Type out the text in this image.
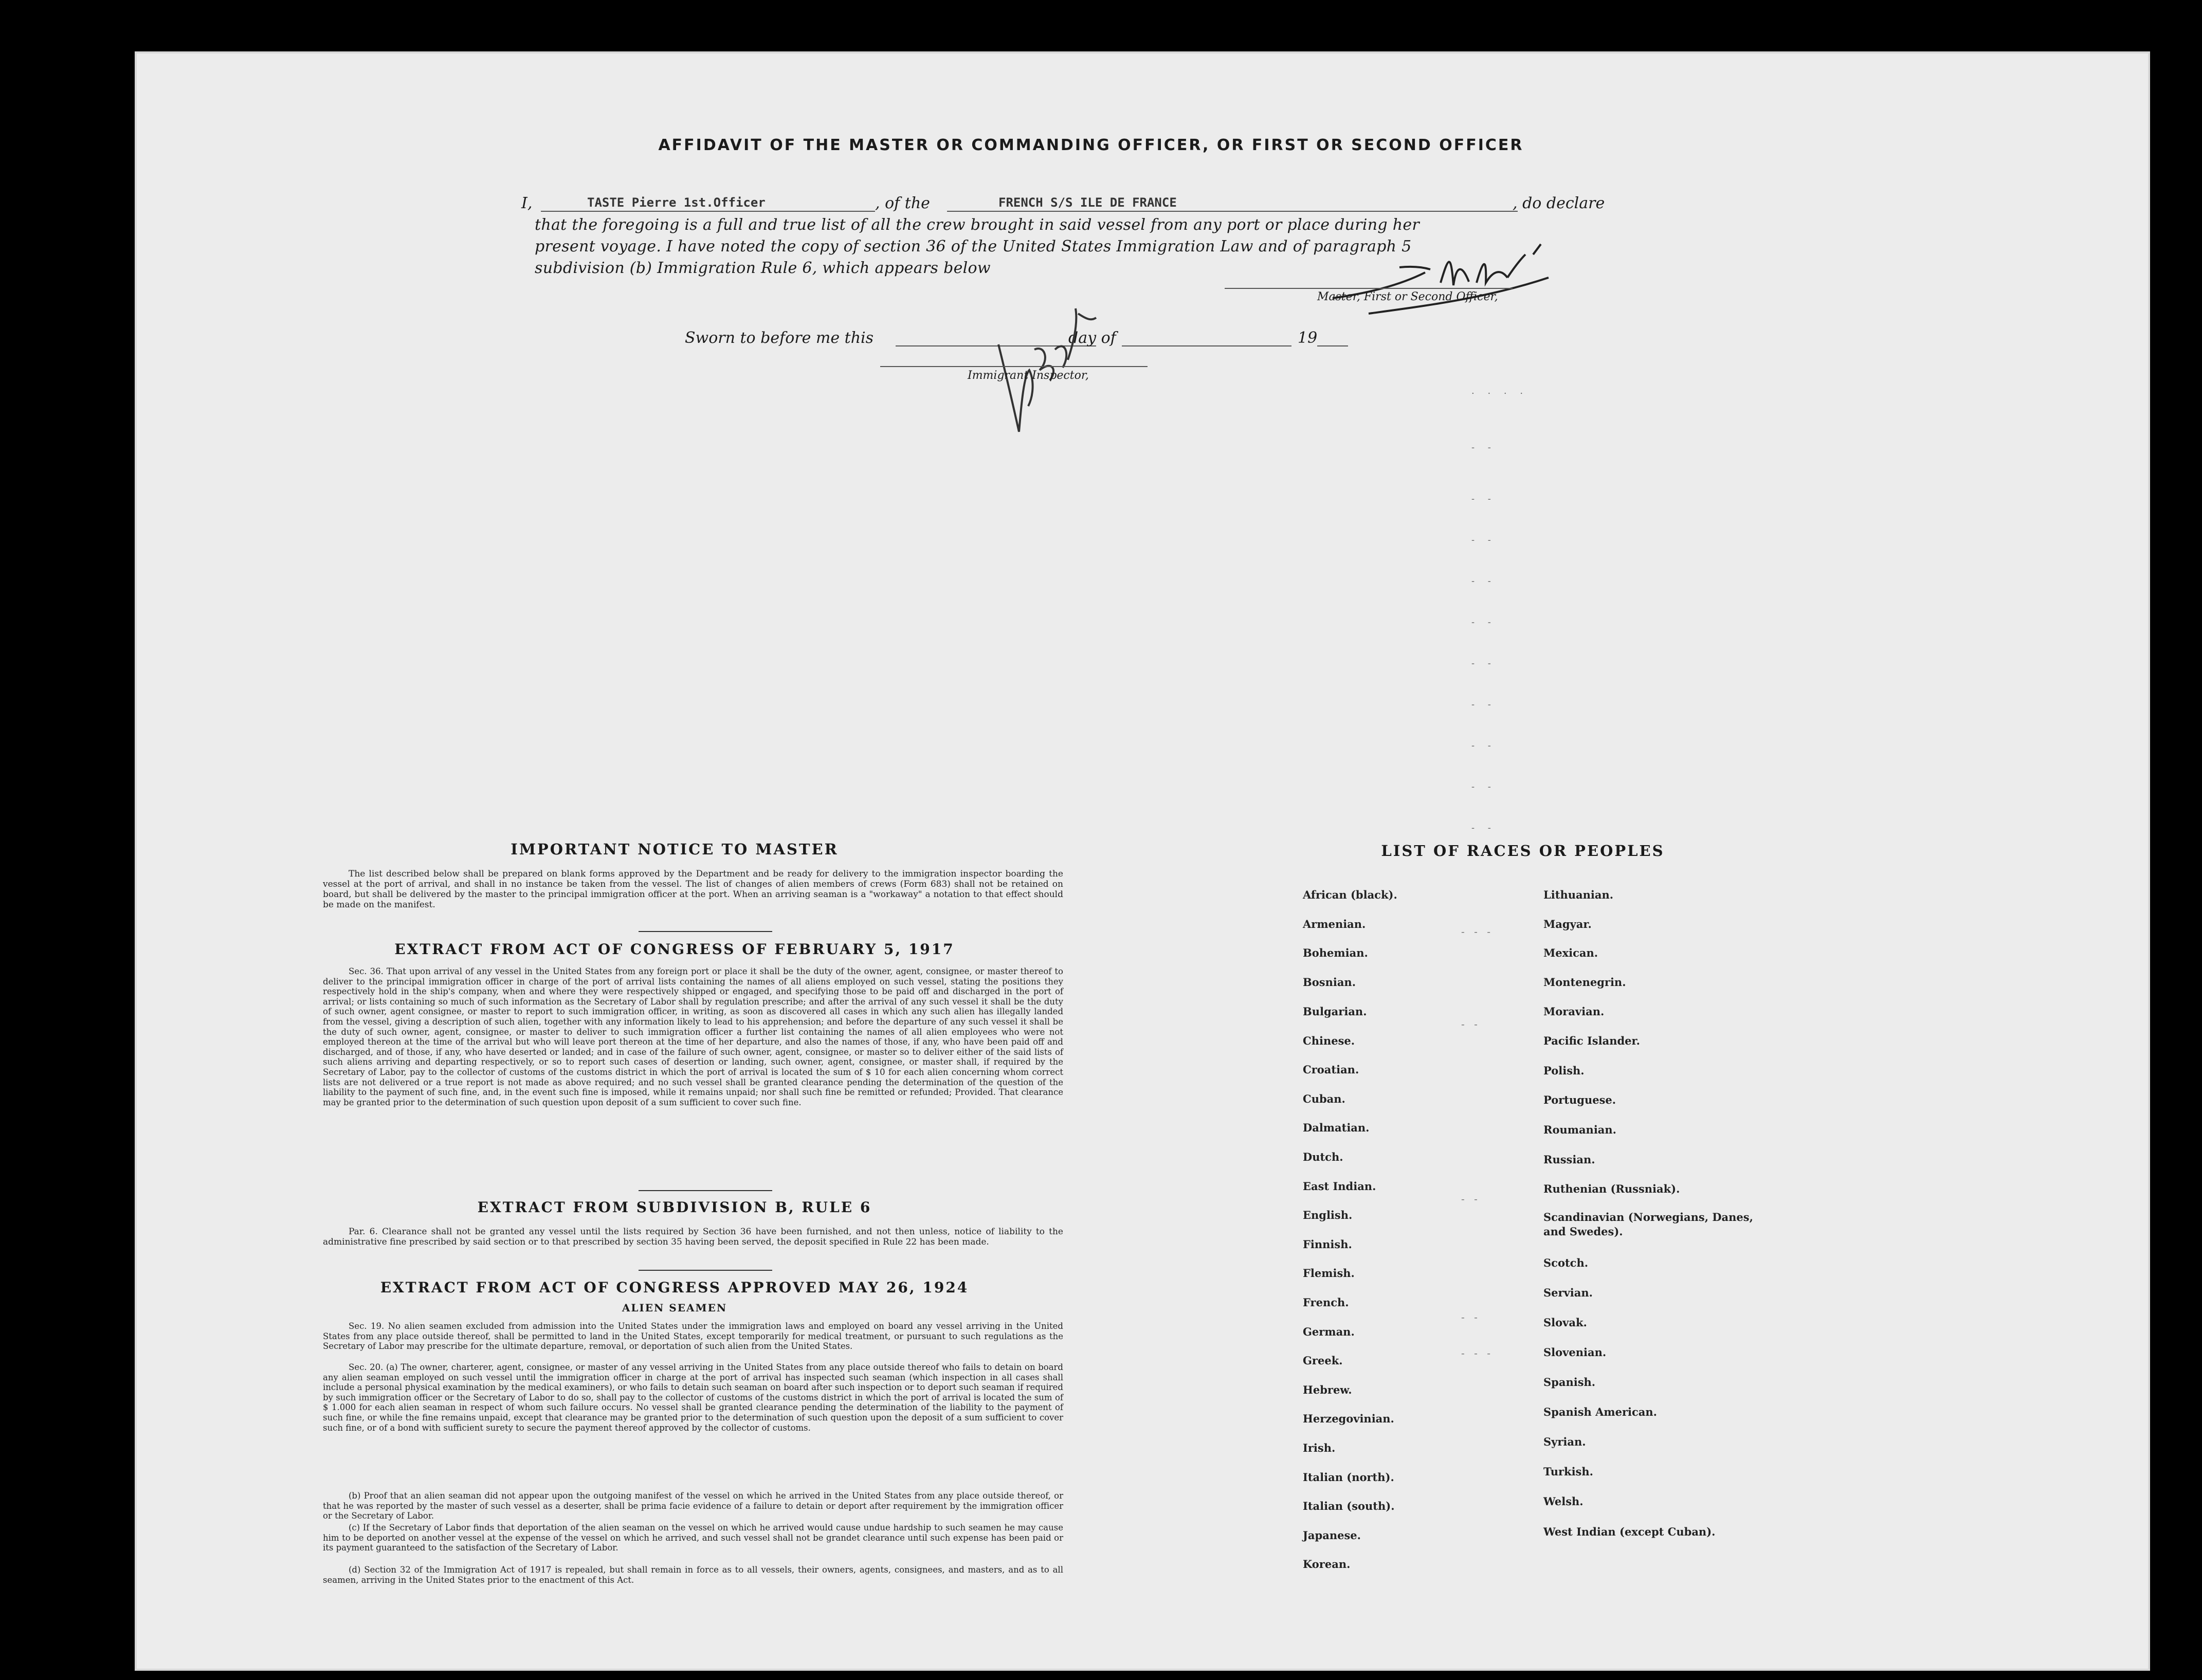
AFFIDAVIT OF THE MASTER OR COMMANDING OFFICER, OR FIRST OR SECOND OFFICER
I,	TASTE Pierre 1st.Officer	, of the	FRENCH S/S ILE DE FRANCE	, do declare
that the foregoing is a full and true list of all the crew brought in said vessel from any port or place during her
present voyage. I have noted the copy of section 36 of the United States Immigration Law and of paragraph 5
subdivision (b) Immigration Rule 6, which appears below
Master, First or Second Officer,
Sworn to before me this	day of	19
Immigrant Inspector,
. . . .
- -
- -
- -
- -
- -
- -
- -
- -
- -
- -
IMPORTANT NOTICE TO MASTER
The list described below shall be prepared on blank forms approved by the Department and be ready for delivery to the immigration inspector boarding the vessel at the port of arrival, and shall in no instance be taken from the vessel. The list of changes of alien members of crews (Form 683) shall not be retained on board, but shall be delivered by the master to the principal immigration officer at the port. When an arriving seaman is a "workaway" a notation to that effect should be made on the manifest.
EXTRACT FROM ACT OF CONGRESS OF FEBRUARY 5, 1917
Sec. 36. That upon arrival of any vessel in the United States from any foreign port or place it shall be the duty of the owner, agent, consignee, or master thereof to deliver to the principal immigration officer in charge of the port of arrival lists containing the names of all aliens employed on such vessel, stating the positions they respectively hold in the ship's company, when and where they were respectively shipped or engaged, and specifying those to be paid off and discharged in the port of arrival; or lists containing so much of such information as the Secretary of Labor shall by regulation prescribe; and after the arrival of any such vessel it shall be the duty of such owner, agent consignee, or master to report to such immigration officer, in writing, as soon as discovered all cases in which any such alien has illegally landed from the vessel, giving a description of such alien, together with any information likely to lead to his apprehension; and before the departure of any such vessel it shall be the duty of such owner, agent, consignee, or master to deliver to such immigration officer a further list containing the names of all alien employees who were not employed thereon at the time of the arrival but who will leave port thereon at the time of her departure, and also the names of those, if any, who have been paid off and discharged, and of those, if any, who have deserted or landed; and in case of the failure of such owner, agent, consignee, or master so to deliver either of the said lists of such aliens arriving and departing respectively, or so to report such cases of desertion or landing, such owner, agent, consignee, or master shall, if required by the Secretary of Labor, pay to the collector of customs of the customs district in which the port of arrival is located the sum of $ 10 for each alien concerning whom correct lists are not delivered or a true report is not made as above required; and no such vessel shall be granted clearance pending the determination of the question of the liability to the payment of such fine, and, in the event such fine is imposed, while it remains unpaid; nor shall such fine be remitted or refunded; Provided. That clearance may be granted prior to the determination of such question upon deposit of a sum sufficient to cover such fine.
EXTRACT FROM SUBDIVISION B, RULE 6
Par. 6. Clearance shall not be granted any vessel until the lists required by Section 36 have been furnished, and not then unless, notice of liability to the administrative fine prescribed by said section or to that prescribed by section 35 having been served, the deposit specified in Rule 22 has been made.
EXTRACT FROM ACT OF CONGRESS APPROVED MAY 26, 1924
ALIEN SEAMEN
Sec. 19. No alien seamen excluded from admission into the United States under the immigration laws and employed on board any vessel arriving in the United States from any place outside thereof, shall be permitted to land in the United States, except temporarily for medical treatment, or pursuant to such regulations as the Secretary of Labor may prescribe for the ultimate departure, removal, or deportation of such alien from the United States.
Sec. 20. (a) The owner, charterer, agent, consignee, or master of any vessel arriving in the United States from any place outside thereof who fails to detain on board any alien seaman employed on such vessel until the immigration officer in charge at the port of arrival has inspected such seaman (which inspection in all cases shall include a personal physical examination by the medical examiners), or who fails to detain such seaman on board after such inspection or to deport such seaman if required by such immigration officer or the Secretary of Labor to do so, shall pay to the collector of customs of the customs district in which the port of arrival is located the sum of $ 1.000 for each alien seaman in respect of whom such failure occurs. No vessel shall be granted clearance pending the determination of the liability to the payment of such fine, or while the fine remains unpaid, except that clearance may be granted prior to the determination of such question upon the deposit of a sum sufficient to cover such fine, or of a bond with sufficient surety to secure the payment thereof approved by the collector of customs.
(b) Proof that an alien seaman did not appear upon the outgoing manifest of the vessel on which he arrived in the United States from any place outside thereof, or that he was reported by the master of such vessel as a deserter, shall be prima facie evidence of a failure to detain or deport after requirement by the immigration officer or the Secretary of Labor.
(c) If the Secretary of Labor finds that deportation of the alien seaman on the vessel on which he arrived would cause undue hardship to such seamen he may cause him to be deported on another vessel at the expense of the vessel on which he arrived, and such vessel shall not be grandet clearance until such expense has been paid or its payment guaranteed to the satisfaction of the Secretary of Labor.
(d) Section 32 of the Immigration Act of 1917 is repealed, but shall remain in force as to all vessels, their owners, agents, consignees, and masters, and as to all seamen, arriving in the United States prior to the enactment of this Act.
LIST OF RACES OR PEOPLES
African (black).
Armenian.
Bohemian.
Bosnian.
Bulgarian.
Chinese.
Croatian.
Cuban.
Dalmatian.
Dutch.
East Indian.
English.
Finnish.
Flemish.
French.
German.
Greek.
Hebrew.
Herzegovinian.
Irish.
Italian (north).
Italian (south).
Japanese.
Korean.
Lithuanian.
Magyar.
Mexican.
Montenegrin.
Moravian.
Pacific Islander.
Polish.
Portuguese.
Roumanian.
Russian.
Ruthenian (Russniak).
Scandinavian (Norwegians, Danes, and Swedes).
Scotch.
Servian.
Slovak.
Slovenian.
Spanish.
Spanish American.
Syrian.
Turkish.
Welsh.
West Indian (except Cuban).
- - -
- -
- -
- -
- - -
